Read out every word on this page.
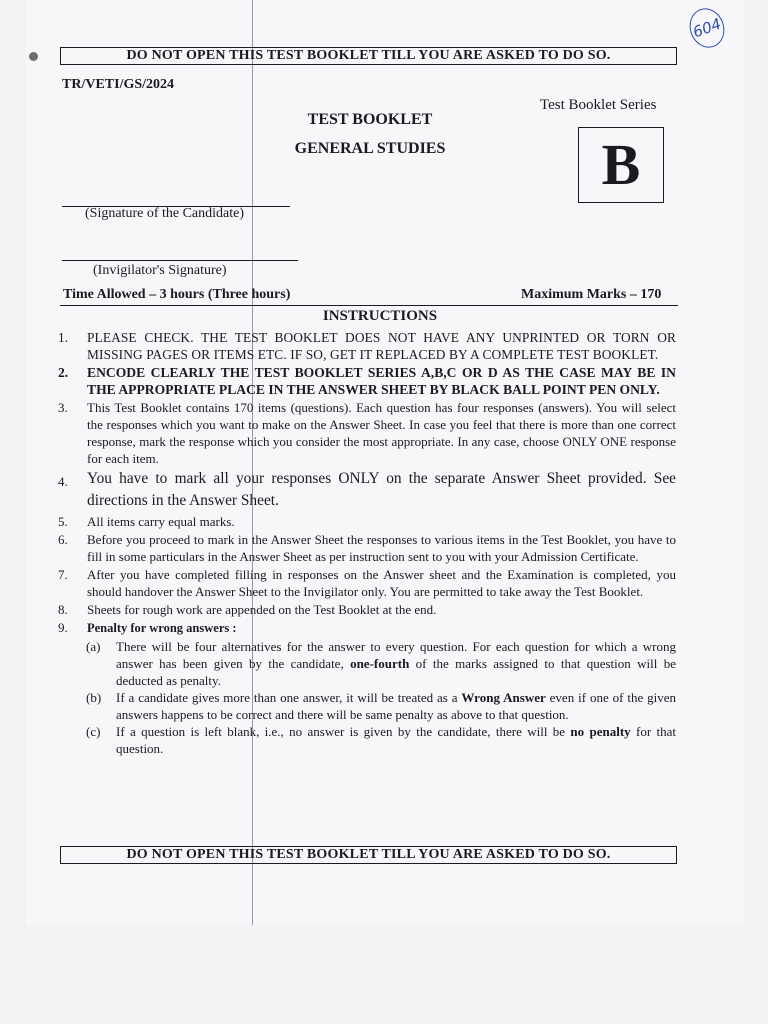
604
DO NOT OPEN THIS TEST BOOKLET TILL YOU ARE ASKED TO DO SO.
TR/VETI/GS/2024
Test Booklet Series
TEST BOOKLET
GENERAL STUDIES	B
(Signature of the Candidate)
(Invigilator's Signature)
Time Allowed – 3 hours (Three hours)	Maximum Marks – 170
INSTRUCTIONS
1. PLEASE CHECK. THE TEST BOOKLET DOES NOT HAVE ANY UNPRINTED OR TORN OR MISSING PAGES OR ITEMS ETC. IF SO, GET IT REPLACED BY A COMPLETE TEST BOOKLET.
2. ENCODE CLEARLY THE TEST BOOKLET SERIES A,B,C OR D AS THE CASE MAY BE IN THE APPROPRIATE PLACE IN THE ANSWER SHEET BY BLACK BALL POINT PEN ONLY.
3. This Test Booklet contains 170 items (questions). Each question has four responses (answers). You will select the responses which you want to make on the Answer Sheet. In case you feel that there is more than one correct response, mark the response which you consider the most appropriate. In any case, choose ONLY ONE response for each item.
4. You have to mark all your responses ONLY on the separate Answer Sheet provided. See directions in the Answer Sheet.
5. All items carry equal marks.
6. Before you proceed to mark in the Answer Sheet the responses to various items in the Test Booklet, you have to fill in some particulars in the Answer Sheet as per instruction sent to you with your Admission Certificate.
7. After you have completed filling in responses on the Answer sheet and the Examination is completed, you should handover the Answer Sheet to the Invigilator only. You are permitted to take away the Test Booklet.
8. Sheets for rough work are appended on the Test Booklet at the end.
9. Penalty for wrong answers :
(a) There will be four alternatives for the answer to every question. For each question for which a wrong answer has been given by the candidate, one-fourth of the marks assigned to that question will be deducted as penalty.
(b) If a candidate gives more than one answer, it will be treated as a Wrong Answer even if one of the given answers happens to be correct and there will be same penalty as above to that question.
(c) If a question is left blank, i.e., no answer is given by the candidate, there will be no penalty for that question.
DO NOT OPEN THIS TEST BOOKLET TILL YOU ARE ASKED TO DO SO.
